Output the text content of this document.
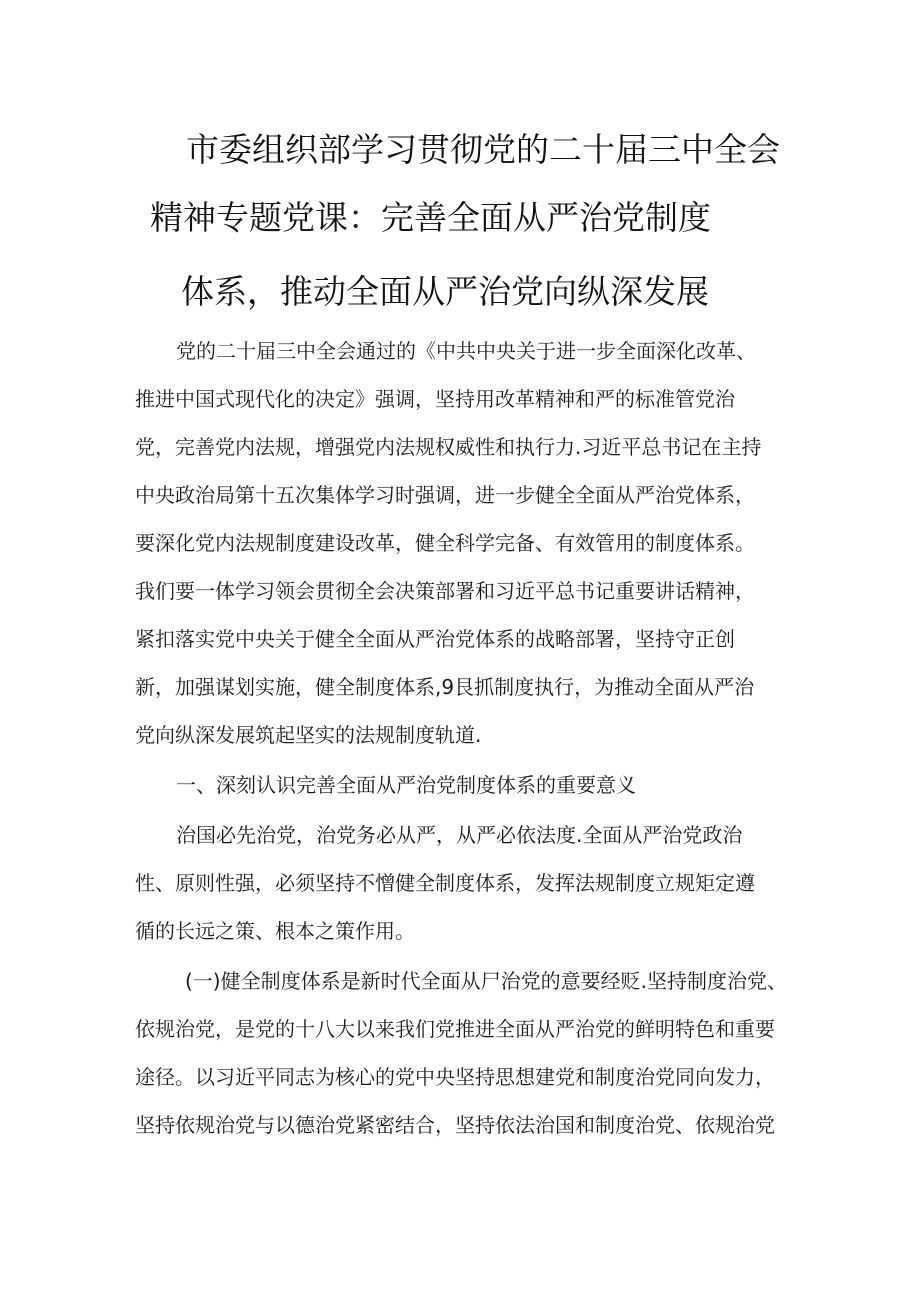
市委组织部学习贯彻党的二十届三中全会
精神专题党课：完善全面从严治党制度
体系，推动全面从严治党向纵深发展
党的二十届三中全会通过的《中共中央关于进一步全面深化改革、
推进中国式现代化的决定》强调，坚持用改革精神和严的标准管党治
党，完善党内法规，增强党内法规权威性和执行力.习近平总书记在主持
中央政治局第十五次集体学习时强调，进一步健全全面从严治党体系，
要深化党内法规制度建设改革，健全科学完备、有效管用的制度体系。
我们要一体学习领会贯彻全会决策部署和习近平总书记重要讲话精神，
紧扣落实党中央关于健全全面从严治党体系的战略部署，坚持守正创
新，加强谋划实施，健全制度体系,9艮抓制度执行，为推动全面从严治
党向纵深发展筑起坚实的法规制度轨道.
一、深刻认识完善全面从严治党制度体系的重要意义
治国必先治党，治党务必从严，从严必依法度.全面从严治党政治
性、原则性强，必须坚持不憎健全制度体系，发挥法规制度立规矩定遵
循的长远之策、根本之策作用。
(一)健全制度体系是新时代全面从尸治党的意要经贬.坚持制度治党、
依规治党，是党的十八大以来我们党推进全面从严治党的鲜明特色和重要
途径。以习近平同志为核心的党中央坚持思想建党和制度治党同向发力，
坚持依规治党与以德治党紧密结合，坚持依法治国和制度治党、依规治党
